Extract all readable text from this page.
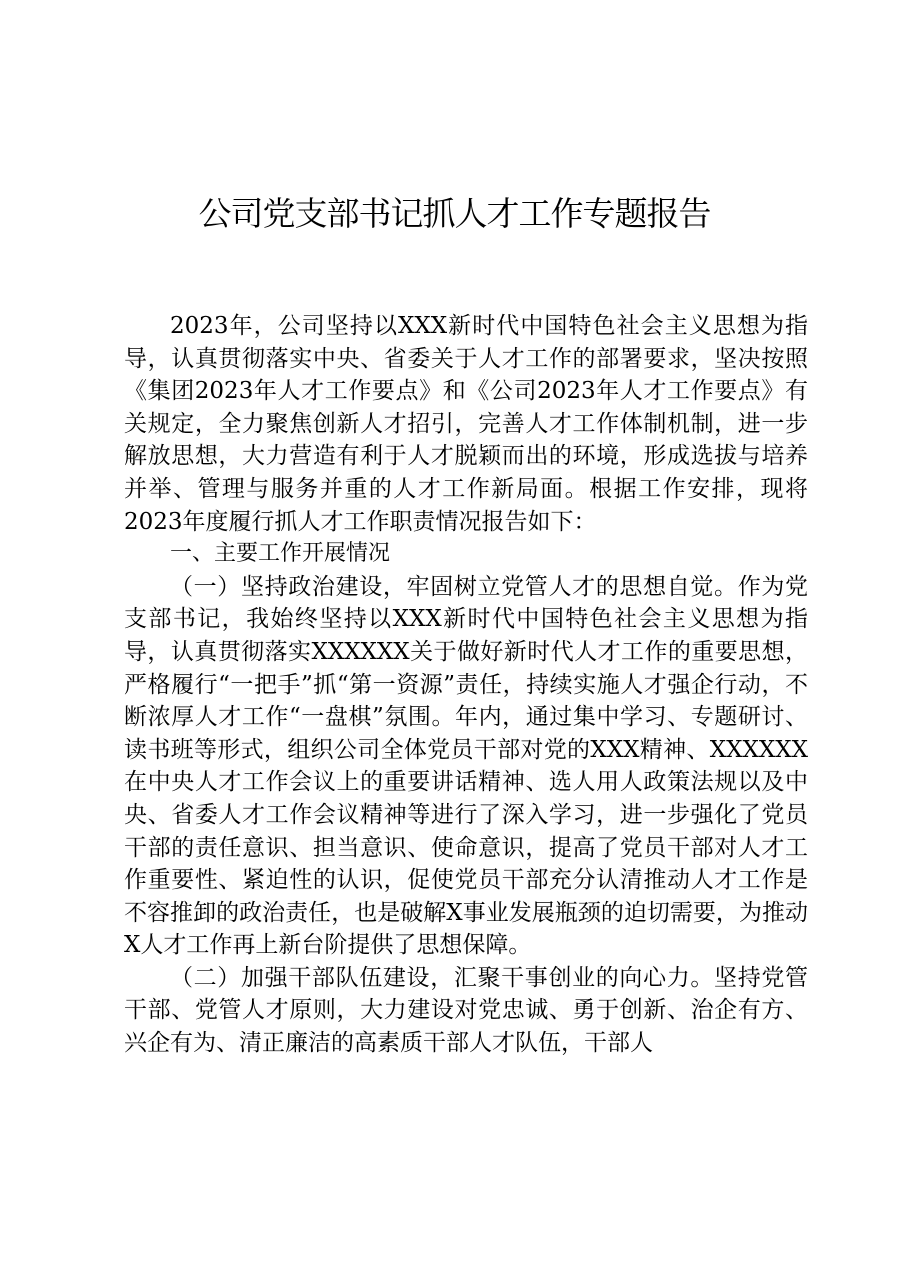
公司党支部书记抓人才工作专题报告

2023年，公司坚持以XXX新时代中国特色社会主义思想为指导，认真贯彻落实中央、省委关于人才工作的部署要求，坚决按照《集团2023年人才工作要点》和《公司2023年人才工作要点》有关规定，全力聚焦创新人才招引，完善人才工作体制机制，进一步解放思想，大力营造有利于人才脱颖而出的环境，形成选拔与培养并举、管理与服务并重的人才工作新局面。根据工作安排，现将2023年度履行抓人才工作职责情况报告如下：

一、主要工作开展情况

（一）坚持政治建设，牢固树立党管人才的思想自觉。作为党支部书记，我始终坚持以XXX新时代中国特色社会主义思想为指导，认真贯彻落实XXXXXX关于做好新时代人才工作的重要思想，严格履行“一把手”抓“第一资源”责任，持续实施人才强企行动，不断浓厚人才工作“一盘棋”氛围。年内，通过集中学习、专题研讨、读书班等形式，组织公司全体党员干部对党的XXX精神、XXXXXX在中央人才工作会议上的重要讲话精神、选人用人政策法规以及中央、省委人才工作会议精神等进行了深入学习，进一步强化了党员干部的责任意识、担当意识、使命意识，提高了党员干部对人才工作重要性、紧迫性的认识，促使党员干部充分认清推动人才工作是不容推卸的政治责任，也是破解X事业发展瓶颈的迫切需要，为推动X人才工作再上新台阶提供了思想保障。

（二）加强干部队伍建设，汇聚干事创业的向心力。坚持党管干部、党管人才原则，大力建设对党忠诚、勇于创新、治企有方、兴企有为、清正廉洁的高素质干部人才队伍，干部人
